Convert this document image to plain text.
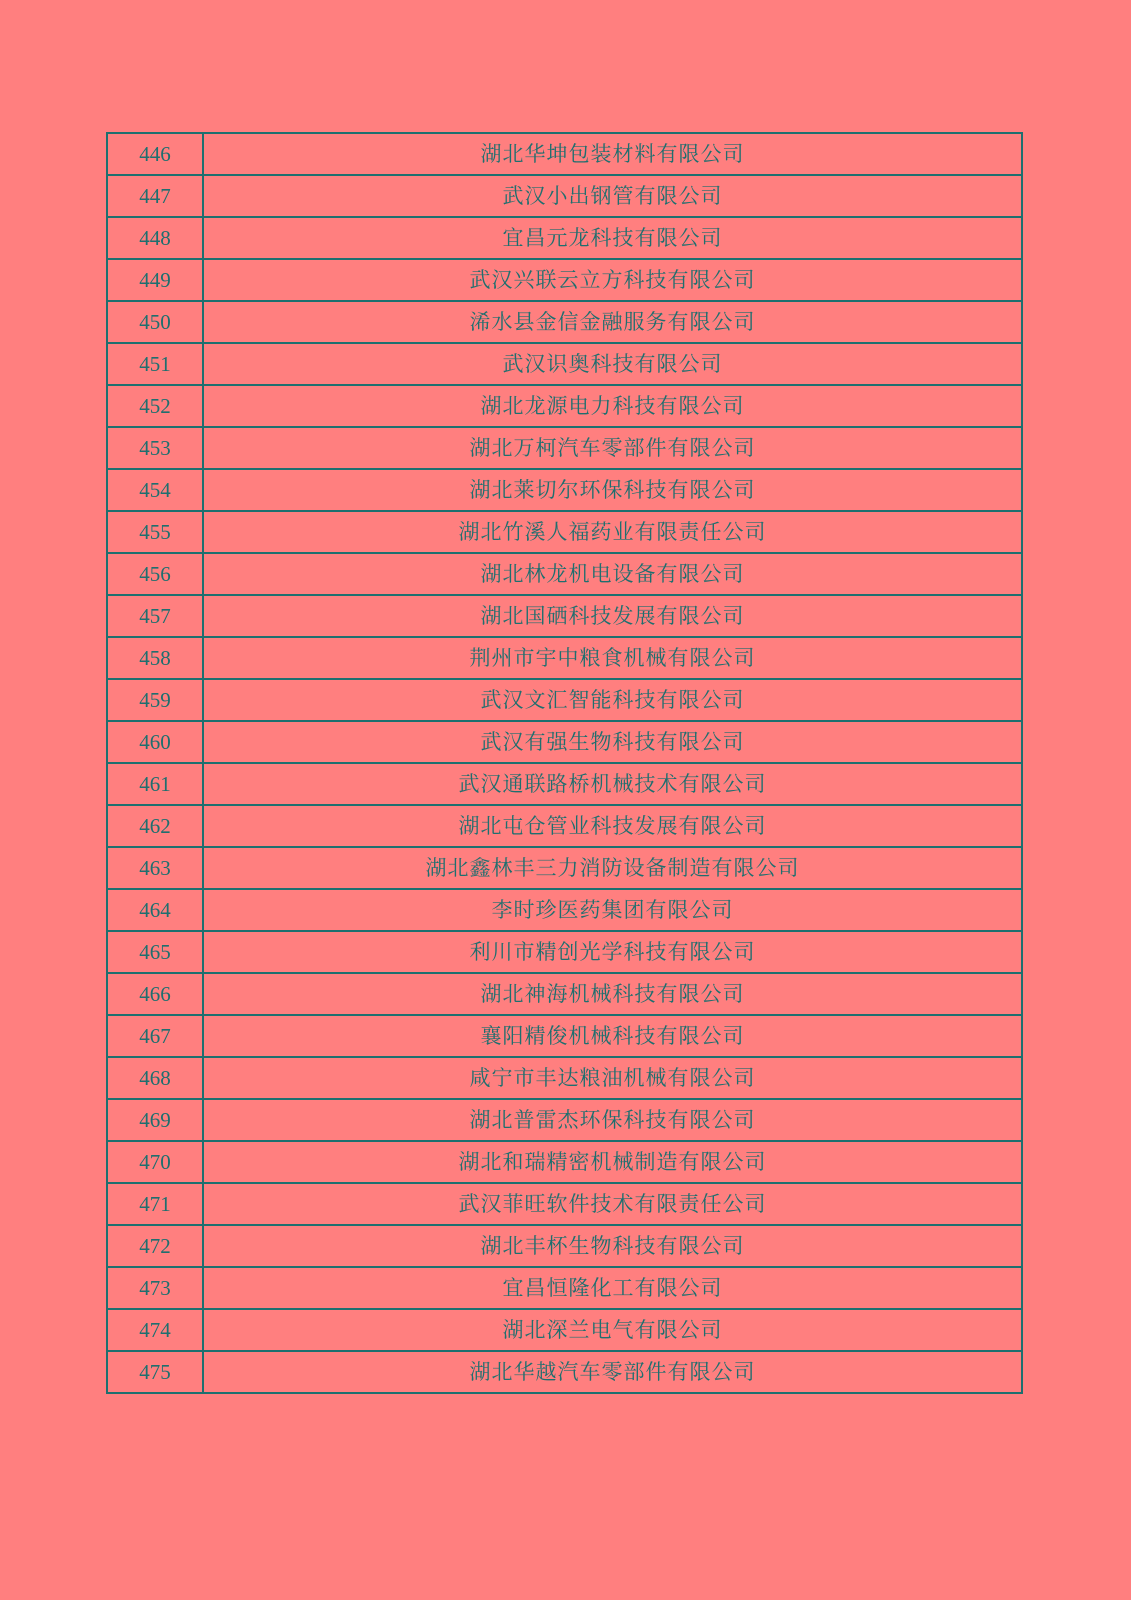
446	湖北华坤包装材料有限公司
447	武汉小出钢管有限公司
448	宜昌元龙科技有限公司
449	武汉兴联云立方科技有限公司
450	浠水县金信金融服务有限公司
451	武汉识奥科技有限公司
452	湖北龙源电力科技有限公司
453	湖北万柯汽车零部件有限公司
454	湖北莱切尔环保科技有限公司
455	湖北竹溪人福药业有限责任公司
456	湖北林龙机电设备有限公司
457	湖北国硒科技发展有限公司
458	荆州市宇中粮食机械有限公司
459	武汉文汇智能科技有限公司
460	武汉有强生物科技有限公司
461	武汉通联路桥机械技术有限公司
462	湖北屯仓管业科技发展有限公司
463	湖北鑫林丰三力消防设备制造有限公司
464	李时珍医药集团有限公司
465	利川市精创光学科技有限公司
466	湖北神海机械科技有限公司
467	襄阳精俊机械科技有限公司
468	咸宁市丰达粮油机械有限公司
469	湖北普雷杰环保科技有限公司
470	湖北和瑞精密机械制造有限公司
471	武汉菲旺软件技术有限责任公司
472	湖北丰杯生物科技有限公司
473	宜昌恒隆化工有限公司
474	湖北深兰电气有限公司
475	湖北华越汽车零部件有限公司
